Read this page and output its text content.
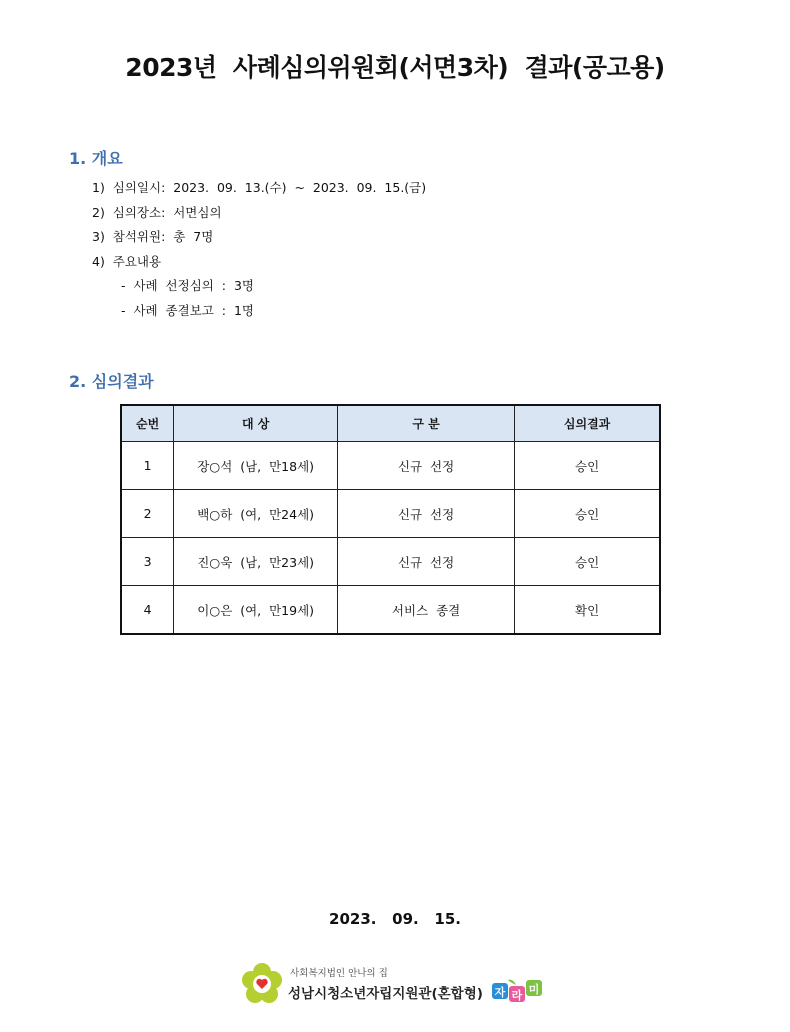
2023년  사례심의위원회(서면3차)  결과(공고용)
1. 개요
1)  심의일시:  2023.  09.  13.(수)  ~  2023.  09.  15.(금)
2)  심의장소:  서면심의
3)  참석위원:  총  7명
4)  주요내용
-  사례  선정심의  :  3명
-  사례  종결보고  :  1명
2. 심의결과
순번	대 상	구 분	심의결과
1	장○석  (남,  만18세)	신규  선정	승인
2	백○하  (여,  만24세)	신규  선정	승인
3	진○욱  (남,  만23세)	신규  선정	승인
4	이○은  (여,  만19세)	서비스  종결	확인
2023.   09.   15.
사회복지법인 안나의 집
성남시청소년자립지원관(혼합형) 자 라 미
